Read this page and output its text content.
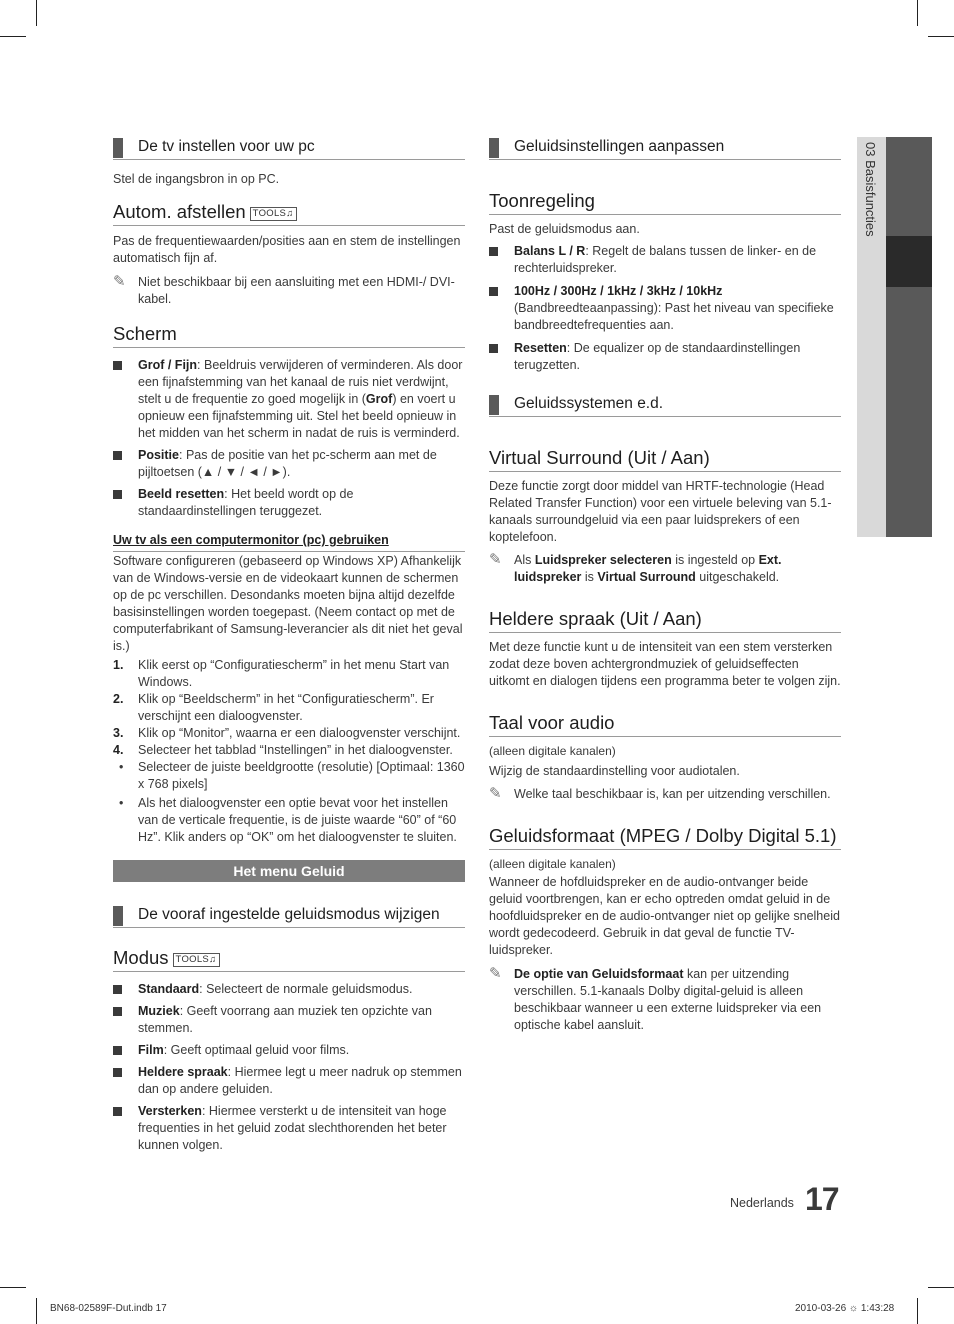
03 Basisfuncties
De tv instellen voor uw pc
Stel de ingangsbron in op PC.
Autom. afstellen TOOLS♫
Pas de frequentiewaarden/posities aan en stem de instellingen automatisch fijn af.
✎ Niet beschikbaar bij een aansluiting met een HDMI-/ DVI-kabel.
Scherm
Grof / Fijn: Beeldruis verwijderen of verminderen. Als door een fijnafstemming van het kanaal de ruis niet verdwijnt, stelt u de frequentie zo goed mogelijk in (Grof) en voert u opnieuw een fijnafstemming uit. Stel het beeld opnieuw in het midden van het scherm in nadat de ruis is verminderd.
Positie: Pas de positie van het pc-scherm aan met de pijltoetsen (▲ / ▼ / ◄ / ►).
Beeld resetten: Het beeld wordt op de standaardinstellingen teruggezet.
Uw tv als een computermonitor (pc) gebruiken
Software configureren (gebaseerd op Windows XP) Afhankelijk van de Windows-versie en de videokaart kunnen de schermen op de pc verschillen. Desondanks moeten bijna altijd dezelfde basisinstellingen worden toegepast. (Neem contact op met de computerfabrikant of Samsung-leverancier als dit niet het geval is.)
1. Klik eerst op “Configuratiescherm” in het menu Start van Windows.
2. Klik op “Beeldscherm” in het “Configuratiescherm”. Er verschijnt een dialoogvenster.
3. Klik op “Monitor”, waarna er een dialoogvenster verschijnt.
4. Selecteer het tabblad “Instellingen” in het dialoogvenster.
• Selecteer de juiste beeldgrootte (resolutie) [Optimaal: 1360 x 768 pixels]
• Als het dialoogvenster een optie bevat voor het instellen van de verticale frequentie, is de juiste waarde “60” of “60 Hz”. Klik anders op “OK” om het dialoogvenster te sluiten.
Het menu Geluid
De vooraf ingestelde geluidsmodus wijzigen
Modus TOOLS♫
Standaard: Selecteert de normale geluidsmodus.
Muziek: Geeft voorrang aan muziek ten opzichte van stemmen.
Film: Geeft optimaal geluid voor films.
Heldere spraak: Hiermee legt u meer nadruk op stemmen dan op andere geluiden.
Versterken: Hiermee versterkt u de intensiteit van hoge frequenties in het geluid zodat slechthorenden het beter kunnen volgen.
Geluidsinstellingen aanpassen
Toonregeling
Past de geluidsmodus aan.
Balans L / R: Regelt de balans tussen de linker- en de rechterluidspreker.
100Hz / 300Hz / 1kHz / 3kHz / 10kHz (Bandbreedteaanpassing): Past het niveau van specifieke bandbreedtefrequenties aan.
Resetten: De equalizer op de standaardinstellingen terugzetten.
Geluidssystemen e.d.
Virtual Surround (Uit / Aan)
Deze functie zorgt door middel van HRTF-technologie (Head Related Transfer Function) voor een virtuele beleving van 5.1-kanaals surroundgeluid via een paar luidsprekers of een koptelefoon.
✎ Als Luidspreker selecteren is ingesteld op Ext. luidspreker is Virtual Surround uitgeschakeld.
Heldere spraak (Uit / Aan)
Met deze functie kunt u de intensiteit van een stem versterken zodat deze boven achtergrondmuziek of geluidseffecten uitkomt en dialogen tijdens een programma beter te volgen zijn.
Taal voor audio
(alleen digitale kanalen)
Wijzig de standaardinstelling voor audiotalen.
✎ Welke taal beschikbaar is, kan per uitzending verschillen.
Geluidsformaat (MPEG / Dolby Digital 5.1)
(alleen digitale kanalen)
Wanneer de hofdluidspreker en de audio-ontvanger beide geluid voortbrengen, kan er echo optreden omdat geluid in de hoofdluidspreker en de audio-ontvanger niet op gelijke snelheid wordt gedecodeerd. Gebruik in dat geval de functie TV-luidspreker.
✎ De optie van Geluidsformaat kan per uitzending verschillen. 5.1-kanaals Dolby digital-geluid is alleen beschikbaar wanneer u een externe luidspreker via een optische kabel aansluit.
Nederlands 17
BN68-02589F-Dut.indb 17	2010-03-26 ☼ 1:43:28
